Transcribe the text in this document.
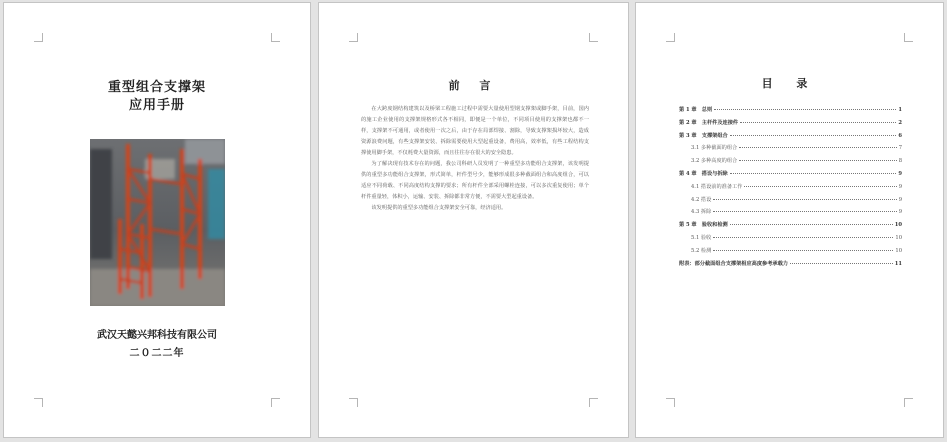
重型组合支撑架
应用手册
武汉天懿兴邦科技有限公司
二０二二年
前 言

在大跨度钢结构建筑以及桥梁工程施工过程中需要大量使用型钢支撑架或脚手架，目前，国内的施工企业使用的支撑架规格形式各不相同，即便是一个单位，不同项目使用的支撑架也都不一样，支撑架不可通用，或者使用一次之后，由于存在局部焊接、割除，导致支撑架损坏较大，造成资源浪费问题，有些支撑架安装、拆除需要使用大型起重设备，费用高，效率低，有些工程结构支撑使用脚手架，不仅耗费大量资源，而且往往存在很大的安全隐患。

为了解决现有技术存在的问题，我公司科研人员发明了一种重型多功能组合支撑架，该发明提供的重型多功能组合支撑架，形式简单，杆件型号少，能够形成很多种截面组合和高度组合，可以适应不同荷载、不同高度结构支撑的要求；所有杆件全部采用螺栓连接，可以多次重复使用；单个杆件重量轻，体积小，运输、安装、拆除都非常方便，不需要大型起重设备。

该发明提供的重型多功能组合支撑架安全可靠，经济适用。

目 录
第 1 章　总则	1
第 2 章　主杆件及连接件	2
第 3 章　支撑架组合	6
3.1 多种截面的组合	7
3.2 多种高度的组合	8
第 4 章　搭设与拆除	9
4.1 搭设前的准备工作	9
4.2 搭设	9
4.3 拆除	9
第 5 章　验收和检测	10
5.1 验收	10
5.2 检测	10
附表：部分截面组合支撑架相应高度参考承载力	11
